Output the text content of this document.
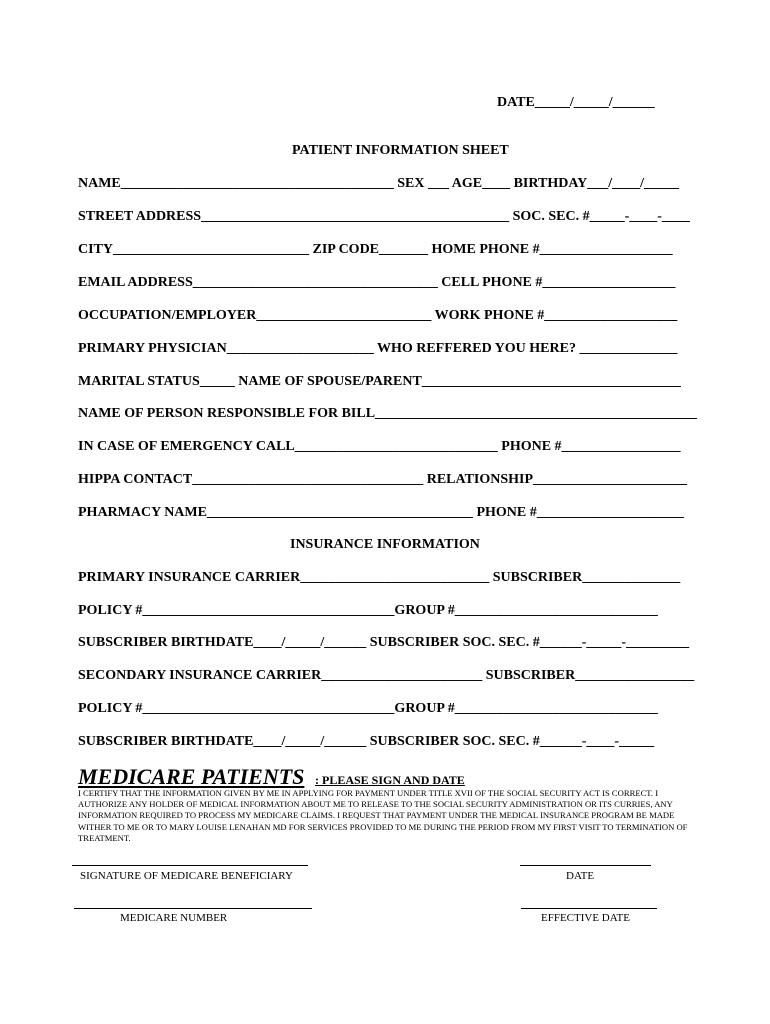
DATE_____/_____/______
PATIENT INFORMATION SHEET
NAME_______________________________________ SEX ___ AGE____ BIRTHDAY___/____/_____
STREET ADDRESS____________________________________________ SOC. SEC. #_____-____-____
CITY____________________________ ZIP CODE_______ HOME PHONE #___________________
EMAIL ADDRESS___________________________________ CELL PHONE #___________________
OCCUPATION/EMPLOYER_________________________ WORK PHONE #___________________
PRIMARY PHYSICIAN_____________________ WHO REFFERED YOU HERE? ______________
MARITAL STATUS_____ NAME OF SPOUSE/PARENT_____________________________________
NAME OF PERSON RESPONSIBLE FOR BILL______________________________________________
IN CASE OF EMERGENCY CALL_____________________________ PHONE #_________________
HIPPA CONTACT_________________________________ RELATIONSHIP______________________
PHARMACY NAME______________________________________ PHONE #_____________________
INSURANCE INFORMATION
PRIMARY INSURANCE CARRIER___________________________ SUBSCRIBER______________
POLICY #____________________________________GROUP #_____________________________
SUBSCRIBER BIRTHDATE____/_____/______ SUBSCRIBER SOC. SEC. #______-_____-_________
SECONDARY INSURANCE CARRIER_______________________ SUBSCRIBER_________________
POLICY #____________________________________GROUP #_____________________________
SUBSCRIBER BIRTHDATE____/_____/______ SUBSCRIBER SOC. SEC. #______-____-_____
MEDICARE PATIENTS : PLEASE SIGN AND DATE
I CERTIFY THAT THE INFORMATION GIVEN BY ME IN APPLYING FOR PAYMENT UNDER TITLE XVII OF THE SOCIAL SECURITY ACT IS CORRECT. I AUTHORIZE ANY HOLDER OF MEDICAL INFORMATION ABOUT ME TO RELEASE TO THE SOCIAL SECURITY ADMINISTRATION OR ITS CURRIES, ANY INFORMATION REQUIRED TO PROCESS MY MEDICARE CLAIMS. I REQUEST THAT PAYMENT UNDER THE MEDICAL INSURANCE PROGRAM BE MADE WITHER TO ME OR TO MARY LOUISE LENAHAN MD FOR SERVICES PROVIDED TO ME DURING THE PERIOD FROM MY FIRST VISIT TO TERMINATION OF TREATMENT.
SIGNATURE OF MEDICARE BENEFICIARY	DATE
MEDICARE NUMBER	EFFECTIVE DATE
